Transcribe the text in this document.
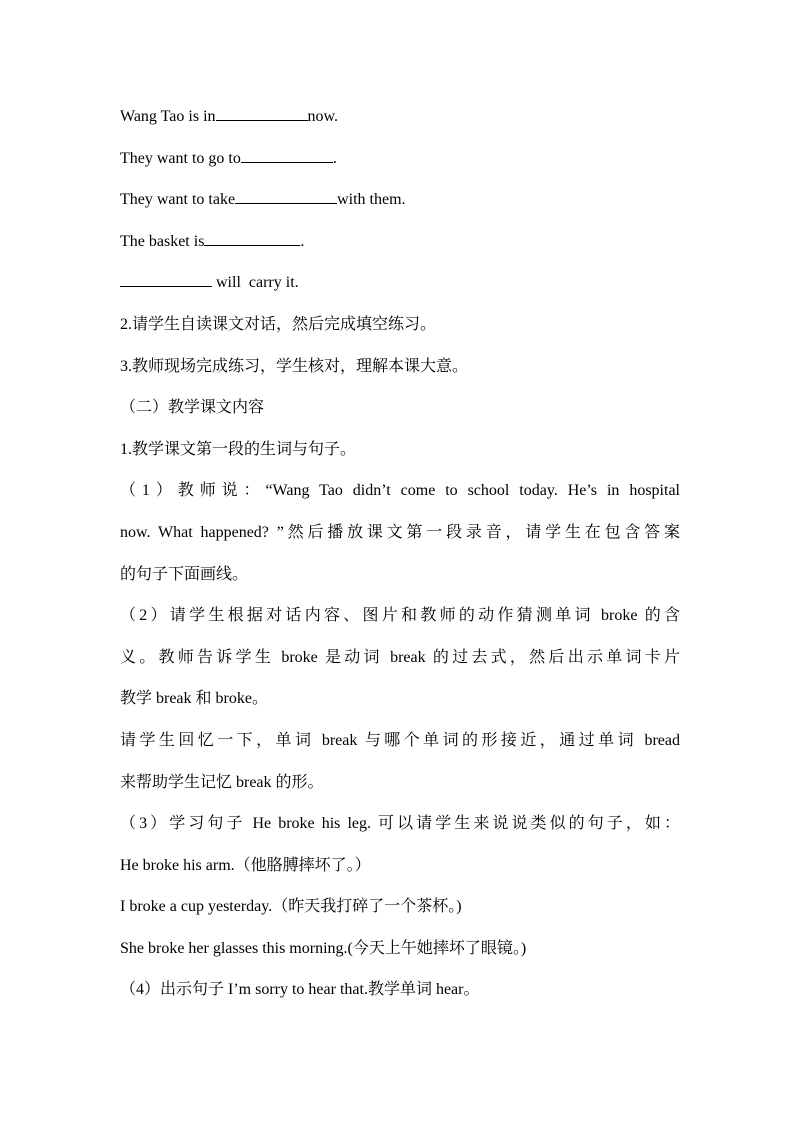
Wang Tao is in	now.
They want to go to	.
They want to take	with them.
The basket is	.
will  carry it.
2.请学生自读课文对话，然后完成填空练习。
3.教师现场完成练习，学生核对，理解本课大意。
（二）教学课文内容
1.教学课文第一段的生词与句子。
（1）教师说：“Wang Tao didn’t come to school today. He’s in hospital
now. What happened? ”然后播放课文第一段录音，请学生在包含答案
的句子下面画线。
（2）请学生根据对话内容、图片和教师的动作猜测单词 broke 的含
义。教师告诉学生 broke 是动词 break 的过去式，然后出示单词卡片
教学 break 和 broke。
请学生回忆一下，单词 break 与哪个单词的形接近，通过单词 bread
来帮助学生记忆 break 的形。
（3）学习句子 He broke his leg. 可以请学生来说说类似的句子，如：
He broke his arm.（他胳膊摔坏了。）
I broke a cup yesterday.（昨天我打碎了一个茶杯。)
She broke her glasses this morning.(今天上午她摔坏了眼镜。)
（4）出示句子 I’m sorry to hear that.教学单词 hear。
